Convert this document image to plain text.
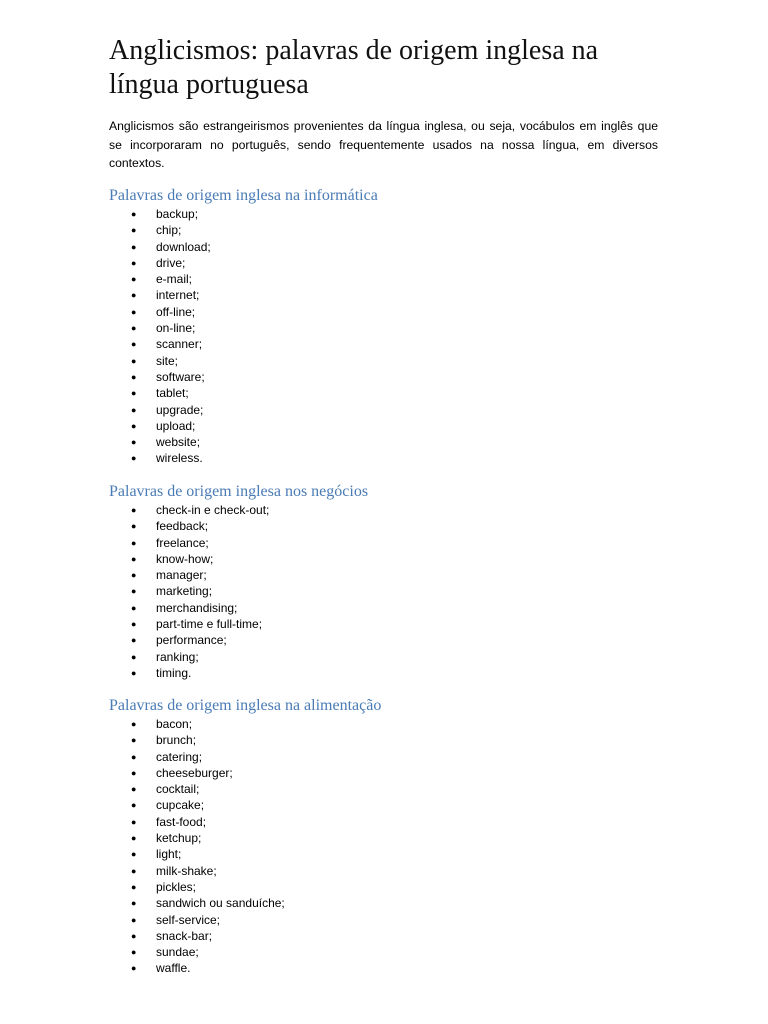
Anglicismos: palavras de origem inglesa na língua portuguesa

Anglicismos são estrangeirismos provenientes da língua inglesa, ou seja, vocábulos em inglês que se incorporaram no português, sendo frequentemente usados na nossa língua, em diversos contextos.

Palavras de origem inglesa na informática
● backup;
● chip;
● download;
● drive;
● e-mail;
● internet;
● off-line;
● on-line;
● scanner;
● site;
● software;
● tablet;
● upgrade;
● upload;
● website;
● wireless.
Palavras de origem inglesa nos negócios
● check-in e check-out;
● feedback;
● freelance;
● know-how;
● manager;
● marketing;
● merchandising;
● part-time e full-time;
● performance;
● ranking;
● timing.
Palavras de origem inglesa na alimentação
● bacon;
● brunch;
● catering;
● cheeseburger;
● cocktail;
● cupcake;
● fast-food;
● ketchup;
● light;
● milk-shake;
● pickles;
● sandwich ou sanduíche;
● self-service;
● snack-bar;
● sundae;
● waffle.
